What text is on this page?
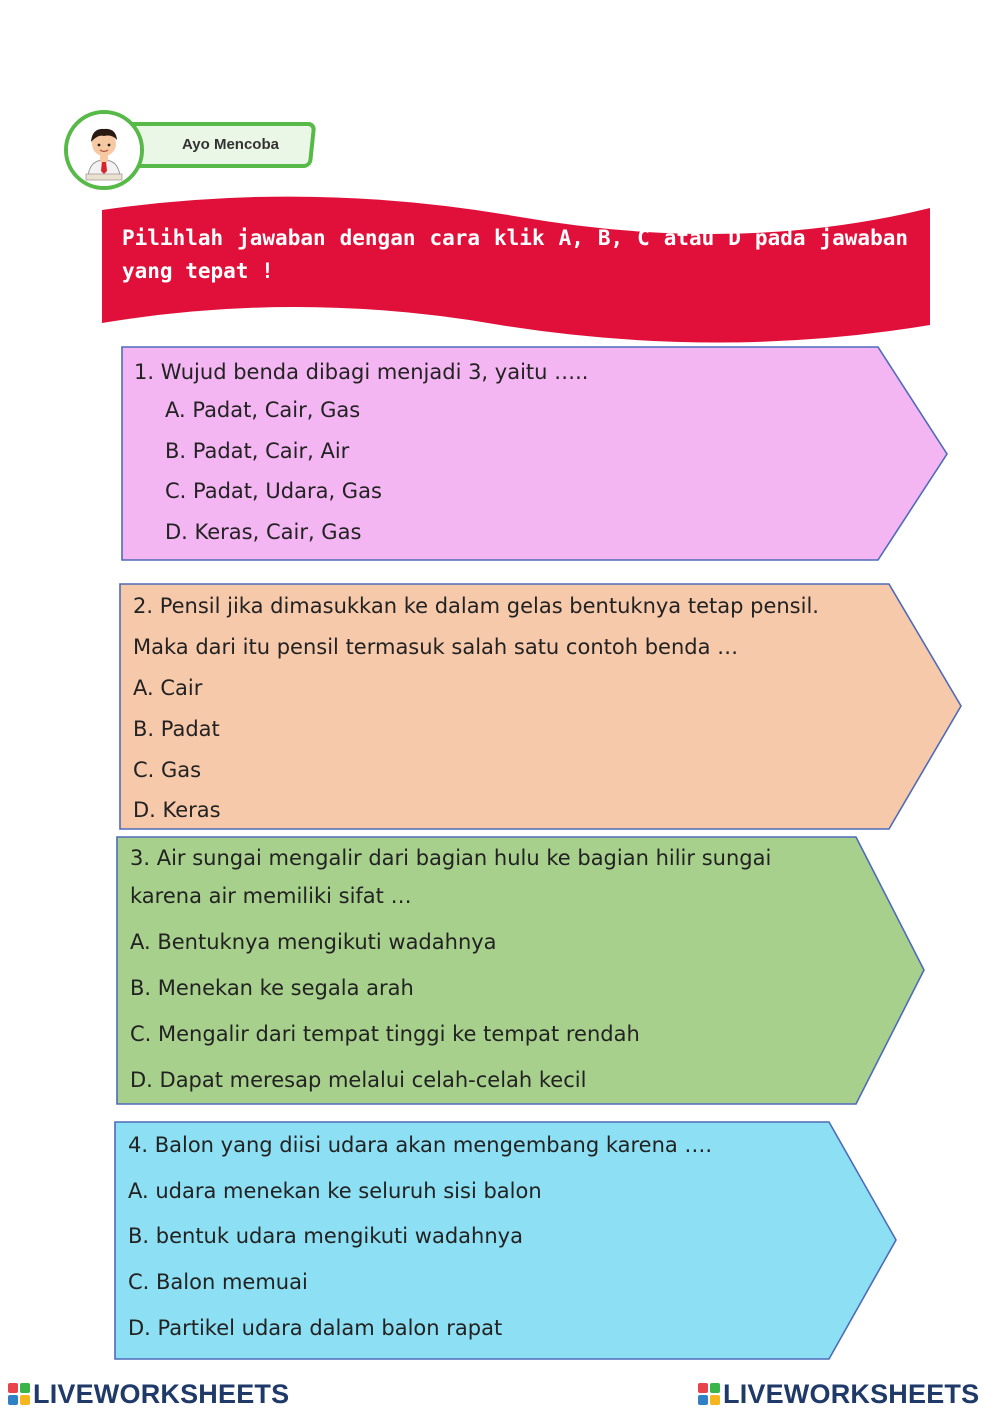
Ayo Mencoba
Pilihlah jawaban dengan cara klik A, B, C atau D pada jawaban yang tepat !
1. Wujud benda dibagi menjadi 3, yaitu …..
A. Padat, Cair, Gas
B. Padat, Cair, Air
C. Padat, Udara, Gas
D. Keras, Cair, Gas
2. Pensil jika dimasukkan ke dalam gelas bentuknya tetap pensil.
Maka dari itu pensil termasuk salah satu contoh benda …
A. Cair
B. Padat
C. Gas
D. Keras
3. Air sungai mengalir dari bagian hulu ke bagian hilir sungai
karena air memiliki sifat …
A. Bentuknya mengikuti wadahnya
B. Menekan ke segala arah
C. Mengalir dari tempat tinggi ke tempat rendah
D. Dapat meresap melalui celah-celah kecil
4. Balon yang diisi udara akan mengembang karena ….
A. udara menekan ke seluruh sisi balon
B. bentuk udara mengikuti wadahnya
C. Balon memuai
D. Partikel udara dalam balon rapat
LIVEWORKSHEETS	LIVEWORKSHEETS
